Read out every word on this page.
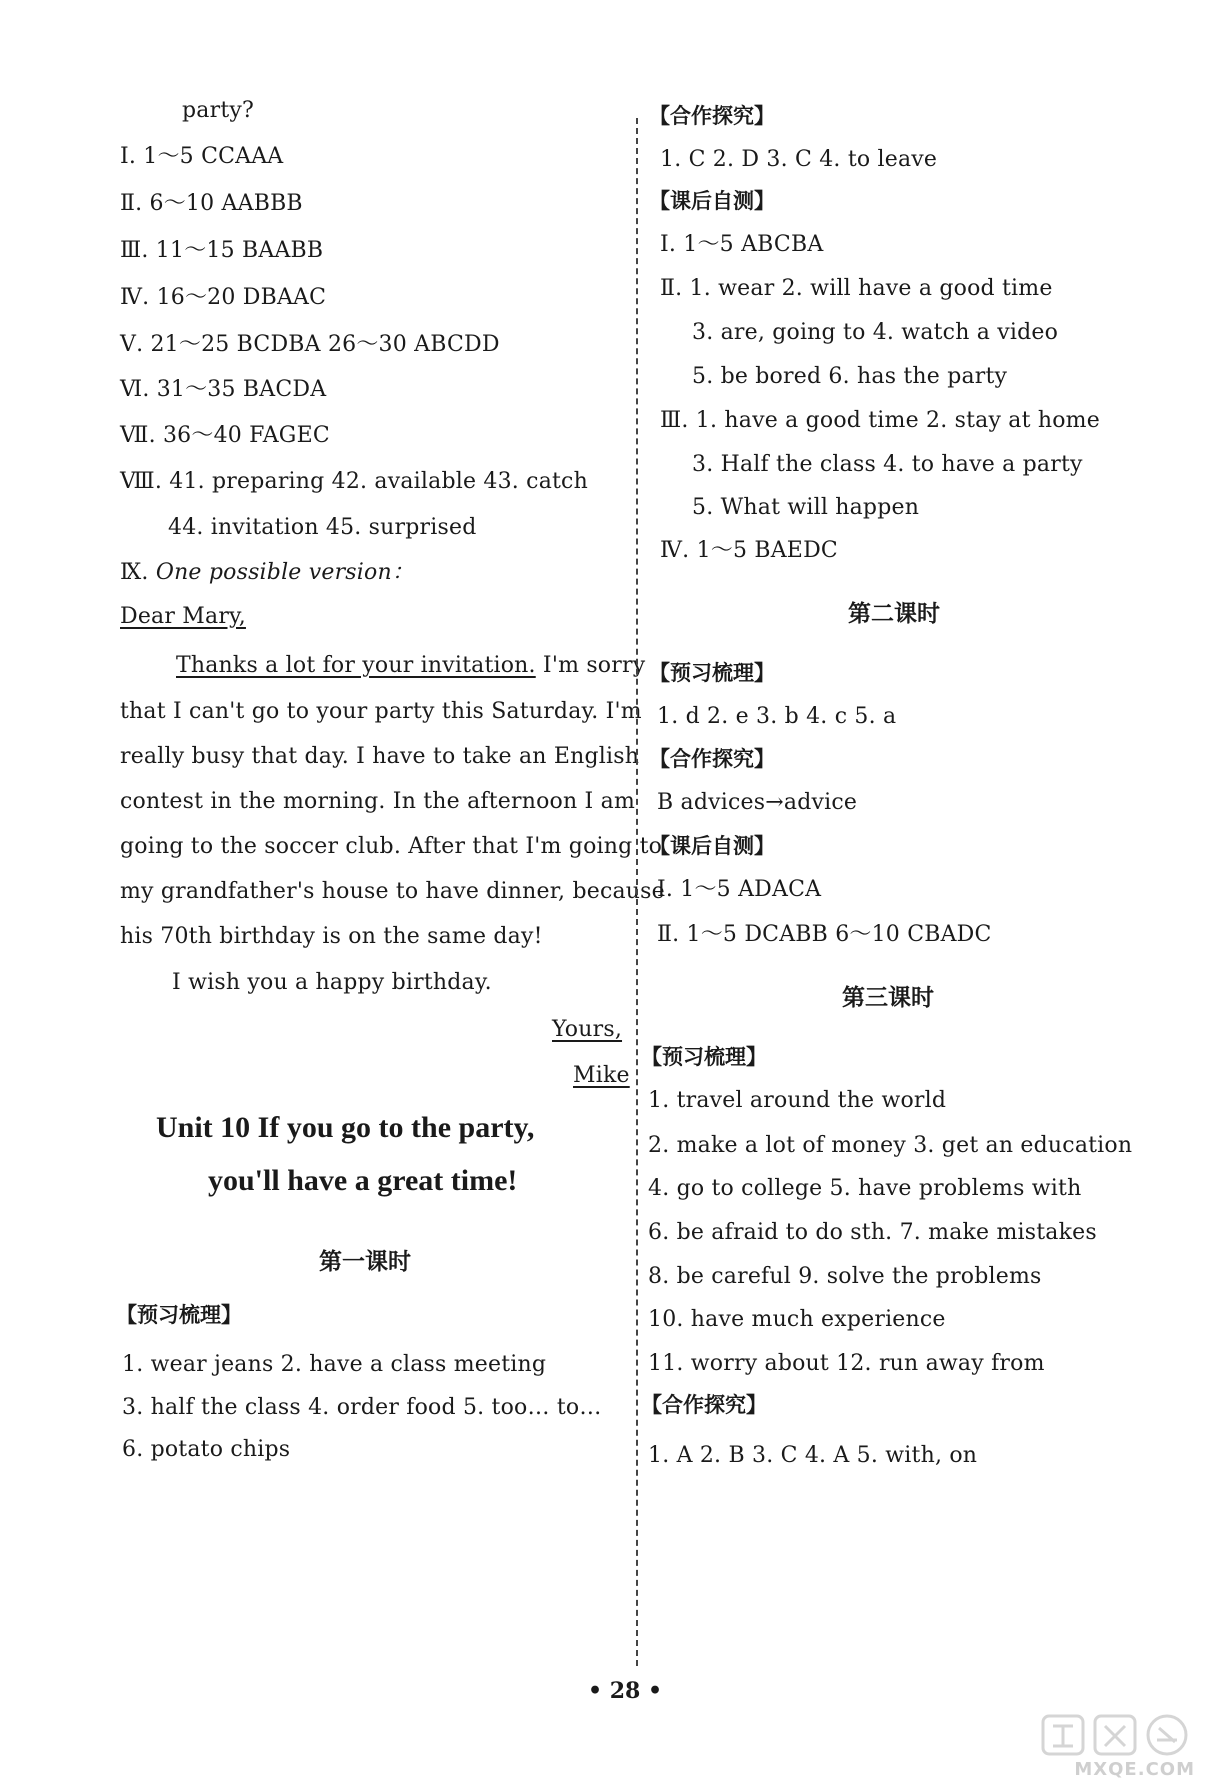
party?
Ⅰ. 1～5 CCAAA
Ⅱ. 6～10 AABBB
Ⅲ. 11～15 BAABB
Ⅳ. 16～20 DBAAC
Ⅴ. 21～25 BCDBA 26～30 ABCDD
Ⅵ. 31～35 BACDA
Ⅶ. 36～40 FAGEC
Ⅷ. 41. preparing 42. available 43. catch
44. invitation 45. surprised
Ⅸ. One possible version：
Dear Mary,
Thanks a lot for your invitation. I'm sorry
that I can't go to your party this Saturday. I'm
really busy that day. I have to take an English
contest in the morning. In the afternoon I am
going to the soccer club. After that I'm going to
my grandfather's house to have dinner, because
his 70th birthday is on the same day!
I wish you a happy birthday.
Yours,
Mike
Unit 10 If you go to the party,
you'll have a great time!
第一课时
【预习梳理】
1. wear jeans 2. have a class meeting
3. half the class 4. order food 5. too… to…
6. potato chips
【合作探究】
1. C 2. D 3. C 4. to leave
【课后自测】
Ⅰ. 1～5 ABCBA
Ⅱ. 1. wear 2. will have a good time
3. are, going to 4. watch a video
5. be bored 6. has the party
Ⅲ. 1. have a good time 2. stay at home
3. Half the class 4. to have a party
5. What will happen
Ⅳ. 1～5 BAEDC
第二课时
【预习梳理】
1. d 2. e 3. b 4. c 5. a
【合作探究】
B advices→advice
【课后自测】
Ⅰ. 1～5 ADACA
Ⅱ. 1～5 DCABB 6～10 CBADC
第三课时
【预习梳理】
1. travel around the world
2. make a lot of money 3. get an education
4. go to college 5. have problems with
6. be afraid to do sth. 7. make mistakes
8. be careful 9. solve the problems
10. have much experience
11. worry about 12. run away from
【合作探究】
1. A 2. B 3. C 4. A 5. with, on
• 28 •
MXQE.COM
